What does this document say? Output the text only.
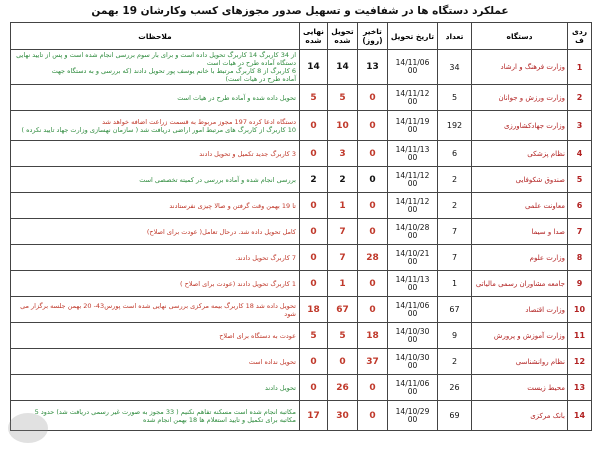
عملکرد دستگاه ها در شفافیت و تسهیل صدور مجوزهای کسب وکارشان 19 بهمن
ردی ف	دستگاه	تعداد	تاریخ تحویل	تاخیر (روز)	تحویل شده	نهایی شده	ملاحظات
1	وزارت فرهنگ و ارشاد	34	14/11/06 00	13	14	14	از 34 کاربرگ 14 کاربرگ تحویل داده است و برای بار سوم بررسی انجام شده است و پس از تایید نهایی دستگاه آماده طرح در هیات است
6 کاربرگ از 8 کاربرگ مرتبط با خانم یوسف پور تحویل دادند (که بررسی و به دستگاه جهت
آماده طرح در هیات است)

2	وزارت ورزش و جوانان	5	14/11/12 00	0	5	5	تحویل داده شده و آماده طرح در هیات است

3	وزارت جهادکشاورزی	192	14/11/19 00	0	10	0	دستگاه ادعا کرده 197 مجوز مربوط به قسمت زراعت اضافه خواهد شد
10 کاربرگ از کاربرگ های مرتبط امور اراضی دریافت شد ( سازمان نهسازی وزارت جهاد تایید نکرده )

4	نظام پزشکی	6	14/11/13 00	0	3	0	3 کاربرگ جدید تکمیل و تحویل دادند

5	صندوق شکوفایی	2	14/11/12 00	0	2	2	بررسی انجام شده و آماده بررسی در کمیته تخصصی است

6	معاونت علمی	2	14/11/12 00	0	1	0	تا 19 بهمن وقت گرفتن و صالا چیزی نفرستادند

7	صدا و سیما	7	14/10/28 00	0	7	0	کامل تحویل داده شد. درحال تعامل( عودت برای اصلاح)

8	وزارت علوم	7	14/10/21 00	28	7	0	7 کاربرگ تحویل دادند.

9	جامعه مشاوران رسمی مالیاتی	1	14/11/13 00	0	1	0	1 کاربرگ تحویل دادند (عودت برای اصلاح )

10	وزارت اقتصاد	67	14/11/06 00	0	67	18	تحویل داده شد 18 کاربرگ بیمه مرکزی بررسی نهایی شده است پورس43- 20 بهمن جلسه برگزار می شود

11	وزارت آموزش و پرورش	9	14/10/30 00	18	5	5	عودت به دستگاه برای اصلاح

12	نظام روانشناسی	2	14/10/30 00	37	0	0	تحویل نداده است

13	محیط زیست	26	14/11/06 00	0	26	0	تحویل دادند

14	بانک مرکزی	69	14/10/29 00	0	30	17	مکاتبه انجام شده است مسکنه تفاهم نکنیم ( 33 مجوز به صورت غیر رسمی دریافت شد) حدود 5
مکاتبه برای تکمیل و تایید استعلام ها 18 بهمن انجام شده
